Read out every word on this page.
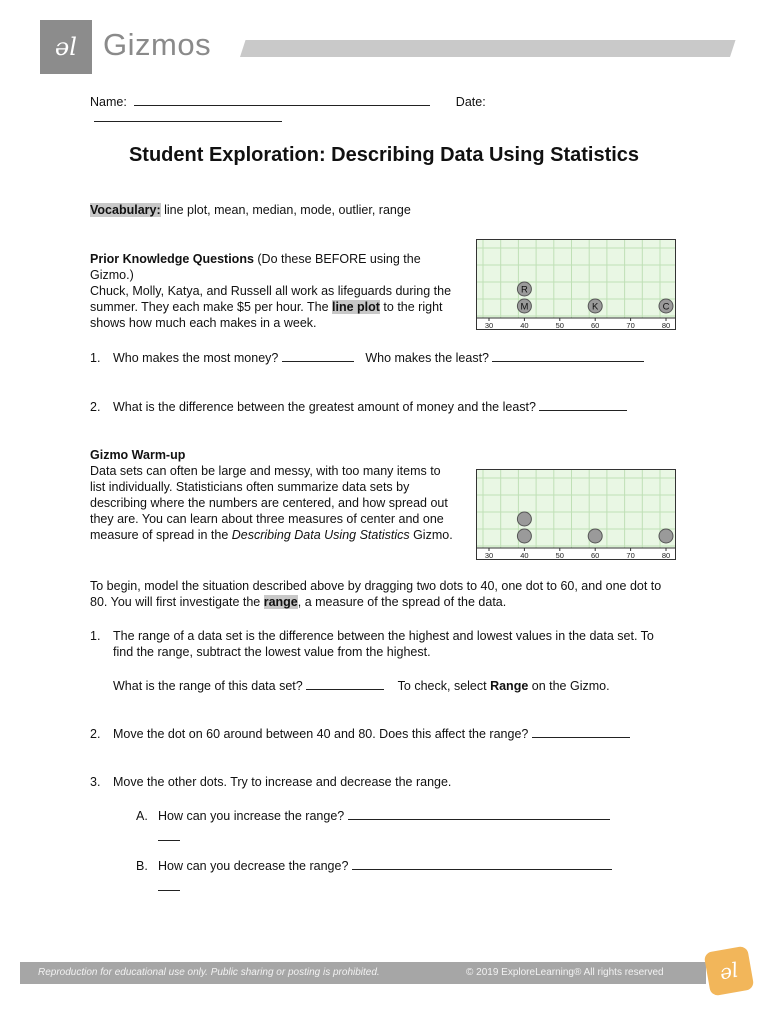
əl Gizmos
Name:	Date:
Student Exploration: Describing Data Using Statistics
Vocabulary: line plot, mean, median, mode, outlier, range
Prior Knowledge Questions (Do these BEFORE using the Gizmo.)
Chuck, Molly, Katya, and Russell all work as lifeguards during the summer. They each make $5 per hour. The line plot to the right shows how much each makes in a week.	30	40	50	60	70	80
M
R
K	C
1. Who makes the most money?	Who makes the least?
2. What is the difference between the greatest amount of money and the least?
Gizmo Warm-up
Data sets can often be large and messy, with too many items to list individually. Statisticians often summarize data sets by describing where the numbers are centered, and how spread out they are. You can learn about three measures of center and one measure of spread in the Describing Data Using Statistics Gizmo.
30	40	50	60	70	80
To begin, model the situation described above by dragging two dots to 40, one dot to 60, and one dot to 80. You will first investigate the range, a measure of the spread of the data.
1.	The range of a data set is the difference between the highest and lowest values in the data set. To find the range, subtract the lowest value from the highest.
What is the range of this data set?	To check, select Range on the Gizmo.
2. Move the dot on 60 around between 40 and 80. Does this affect the range?
3. Move the other dots. Try to increase and decrease the range.
A. How can you increase the range?

B. How can you decrease the range?

Reproduction for educational use only. Public sharing or posting is prohibited.	© 2019 ExploreLearning® All rights reserved	əl
